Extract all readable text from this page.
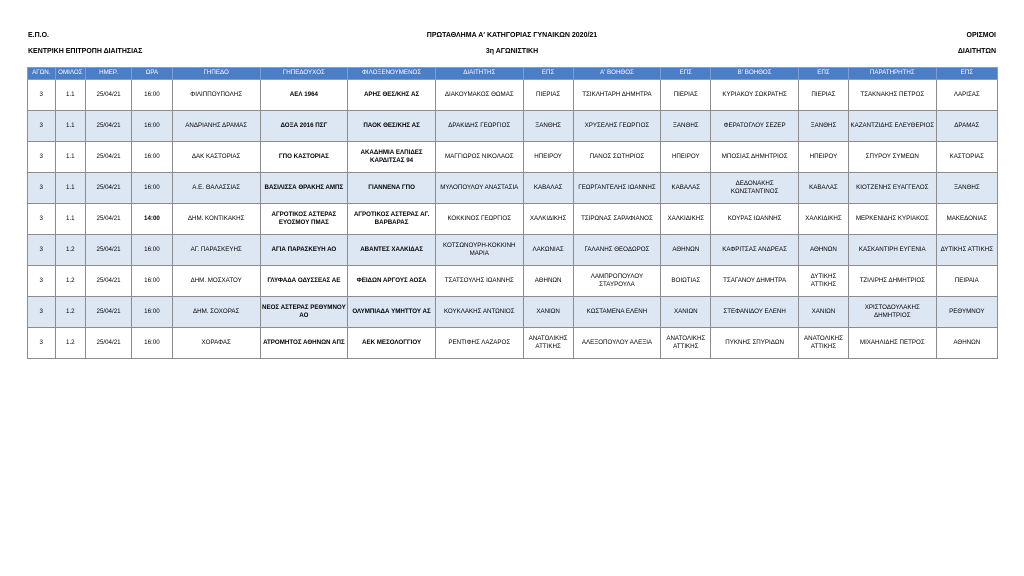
Ε.Π.Ο.
ΚΕΝΤΡΙΚΗ ΕΠΙΤΡΟΠΗ ΔΙΑΙΤΗΣΙΑΣ
ΠΡΩΤΑΘΛΗΜΑ Α' ΚΑΤΗΓΟΡΙΑΣ ΓΥΝΑΙΚΩΝ 2020/21
3η ΑΓΩΝΙΣΤΙΚΗ
ΟΡΙΣΜΟΙ
ΔΙΑΙΤΗΤΩΝ
ΑΓΩΝ.	ΟΜΙΛΟΣ	ΗΜΕΡ.	ΩΡΑ	ΓΗΠΕΔΟ	ΓΗΠΕΔΟΥΧΟΣ	ΦΙΛΟΞΕΝΟΥΜΕΝΟΣ	ΔΙΑΙΤΗΤΗΣ	ΕΠΣ	Α' ΒΟΗΘΟΣ	ΕΠΣ	Β' ΒΟΗΘΟΣ	ΕΠΣ	ΠΑΡΑΤΗΡΗΤΗΣ	ΕΠΣ
3	1.1	25/04/21	16:00	ΦΙΛΙΠΠΟΥΠΟΛΗΣ	ΑΕΛ 1964	ΑΡΗΣ ΘΕΣ/ΚΗΣ ΑΣ	ΔΙΑΚΟΥΜΑΚΟΣ ΘΩΜΑΣ	ΠΙΕΡΙΑΣ	ΤΣΙΚΛΗΤΑΡΗ ΔΗΜΗΤΡΑ	ΠΙΕΡΙΑΣ	ΚΥΡΙΑΚΟΥ ΣΩΚΡΑΤΗΣ	ΠΙΕΡΙΑΣ	ΤΣΑΚΝΑΚΗΣ ΠΕΤΡΟΣ	ΛΑΡΙΣΑΣ
3	1.1	25/04/21	16:00	ΑΝΔΡΙΑΝΗΣ ΔΡΑΜΑΣ	ΔΟΞΑ 2016 ΠΣΓ	ΠΑΟΚ ΘΕΣ/ΚΗΣ ΑΣ	ΔΡΑΚΙΔΗΣ ΓΕΩΡΓΙΟΣ	ΞΑΝΘΗΣ	ΧΡΥΣΕΛΗΣ ΓΕΩΡΓΙΟΣ	ΞΑΝΘΗΣ	ΦΕΡΑΤΟΓΛΟΥ ΣΕΖΕΡ	ΞΑΝΘΗΣ	ΚΑΖΑΝΤΖΙΔΗΣ ΕΛΕΥΘΕΡΙΟΣ	ΔΡΑΜΑΣ
3	1.1	25/04/21	16:00	ΔΑΚ ΚΑΣΤΟΡΙΑΣ	ΓΠΟ ΚΑΣΤΟΡΙΑΣ	ΑΚΑΔΗΜΙΑ ΕΛΠΙΔΕΣ ΚΑΡΔΙΤΣΑΣ 94	ΜΑΓΓΙΩΡΟΣ ΝΙΚΟΛΑΟΣ	ΗΠΕΙΡΟΥ	ΠΑΝΟΣ ΣΩΤΗΡΙΟΣ	ΗΠΕΙΡΟΥ	ΜΠΟΣΙΑΣ ΔΗΜΗΤΡΙΟΣ	ΗΠΕΙΡΟΥ	ΣΠΥΡΟΥ ΣΥΜΕΩΝ	ΚΑΣΤΟΡΙΑΣ
3	1.1	25/04/21	16:00	Α.Ε. ΘΑΛΑΣΣΙΑΣ	ΒΑΣΙΛΙΣΣΑ ΘΡΑΚΗΣ ΑΜΠΣ	ΓΙΑΝΝΕΝΑ ΓΠΟ	ΜΥΛΟΠΟΥΛΟΥ ΑΝΑΣΤΑΣΙΑ	ΚΑΒΑΛΑΣ	ΓΕΩΡΓΑΝΤΕΛΗΣ ΙΩΑΝΝΗΣ	ΚΑΒΑΛΑΣ	ΔΕΔΟΝΑΚΗΣ ΚΩΝΣΤΑΝΤΙΝΟΣ	ΚΑΒΑΛΑΣ	ΚΙΟΤΖΕΝΗΣ ΕΥΑΓΓΕΛΟΣ	ΞΑΝΘΗΣ
3	1.1	25/04/21	14:00	ΔΗΜ. ΚΟΝΤΙΚΑΚΗΣ	ΑΓΡΟΤΙΚΟΣ ΑΣΤΕΡΑΣ ΕΥΟΣΜΟΥ ΠΜΑΣ	ΑΓΡΟΤΙΚΟΣ ΑΣΤΕΡΑΣ ΑΓ. ΒΑΡΒΑΡΑΣ	ΚΟΚΚΙΝΟΣ ΓΕΩΡΓΙΟΣ	ΧΑΛΚΙΔΙΚΗΣ	ΤΣΙΡΩΝΑΣ ΣΑΡΑΦΙΑΝΟΣ	ΧΑΛΚΙΔΙΚΗΣ	ΚΟΥΡΑΣ ΙΩΑΝΝΗΣ	ΧΑΛΚΙΔΙΚΗΣ	ΜΕΡΚΕΝΙΔΗΣ ΚΥΡΙΑΚΟΣ	ΜΑΚΕΔΟΝΙΑΣ
3	1.2	25/04/21	16:00	ΑΓ. ΠΑΡΑΣΚΕΥΗΣ	ΑΓΙΑ ΠΑΡΑΣΚΕΥΗ ΑΟ	ΑΒΑΝΤΕΣ ΧΑΛΚΙΔΑΣ	ΚΟΤΣΩΝΟΥΡΗ-ΚΟΚΚΙΝΗ ΜΑΡΙΑ	ΛΑΚΩΝΙΑΣ	ΓΑΛΑΝΗΣ ΘΕΟΔΩΡΟΣ	ΑΘΗΝΩΝ	ΚΑΦΡΙΤΣΑΣ ΑΝΔΡΕΑΣ	ΑΘΗΝΩΝ	ΚΑΣΚΑΝΤΙΡΗ ΕΥΓΕΝΙΑ	ΔΥΤΙΚΗΣ ΑΤΤΙΚΗΣ
3	1.2	25/04/21	16:00	ΔΗΜ. ΜΟΣΧΑΤΟΥ	ΓΛΥΦΑΔΑ ΟΔΥΣΣΕΑΣ ΑΕ	ΦΕΙΔΩΝ ΑΡΓΟΥΣ ΑΟΣΑ	ΤΣΑΤΣΟΥΛΗΣ ΙΩΑΝΝΗΣ	ΑΘΗΝΩΝ	ΛΑΜΠΡΟΠΟΥΛΟΥ ΣΤΑΥΡΟΥΛΑ	ΒΟΙΩΤΙΑΣ	ΤΣΑΓΑΝΟΥ ΔΗΜΗΤΡΑ	ΔΥΤΙΚΗΣ ΑΤΤΙΚΗΣ	ΤΖΙΛΙΡΗΣ ΔΗΜΗΤΡΙΟΣ	ΠΕΙΡΑΙΑ
3	1.2	25/04/21	16:00	ΔΗΜ. ΣΟΧΟΡΑΣ	ΝΕΟΣ ΑΣΤΕΡΑΣ ΡΕΘΥΜΝΟΥ ΑΟ	ΟΛΥΜΠΙΑΔΑ ΥΜΗΤΤΟΥ ΑΣ	ΚΟΥΚΛΑΚΗΣ ΑΝΤΩΝΙΟΣ	ΧΑΝΙΩΝ	ΚΩΣΤΑΜΕΝΑ ΕΛΕΝΗ	ΧΑΝΙΩΝ	ΣΤΕΦΑΝΙΔΟΥ ΕΛΕΝΗ	ΧΑΝΙΩΝ	ΧΡΙΣΤΟΔΟΥΛΑΚΗΣ ΔΗΜΗΤΡΙΟΣ	ΡΕΘΥΜΝΟΥ
3	1.2	25/04/21	16:00	ΧΟΡΑΦΑΣ	ΑΤΡΟΜΗΤΟΣ ΑΘΗΝΩΝ ΑΠΣ	ΑΕΚ ΜΕΣΟΛΟΓΓΙΟΥ	ΡΕΝΤΙΦΗΣ ΛΑΖΑΡΟΣ	ΑΝΑΤΟΛΙΚΗΣ ΑΤΤΙΚΗΣ	ΑΛΕΞΟΠΟΥΛΟΥ ΑΛΕΞΙΑ	ΑΝΑΤΟΛΙΚΗΣ ΑΤΤΙΚΗΣ	ΠΥΚΝΗΣ ΣΠΥΡΙΔΩΝ	ΑΝΑΤΟΛΙΚΗΣ ΑΤΤΙΚΗΣ	ΜΙΧΑΗΛΙΔΗΣ ΠΕΤΡΟΣ	ΑΘΗΝΩΝ
